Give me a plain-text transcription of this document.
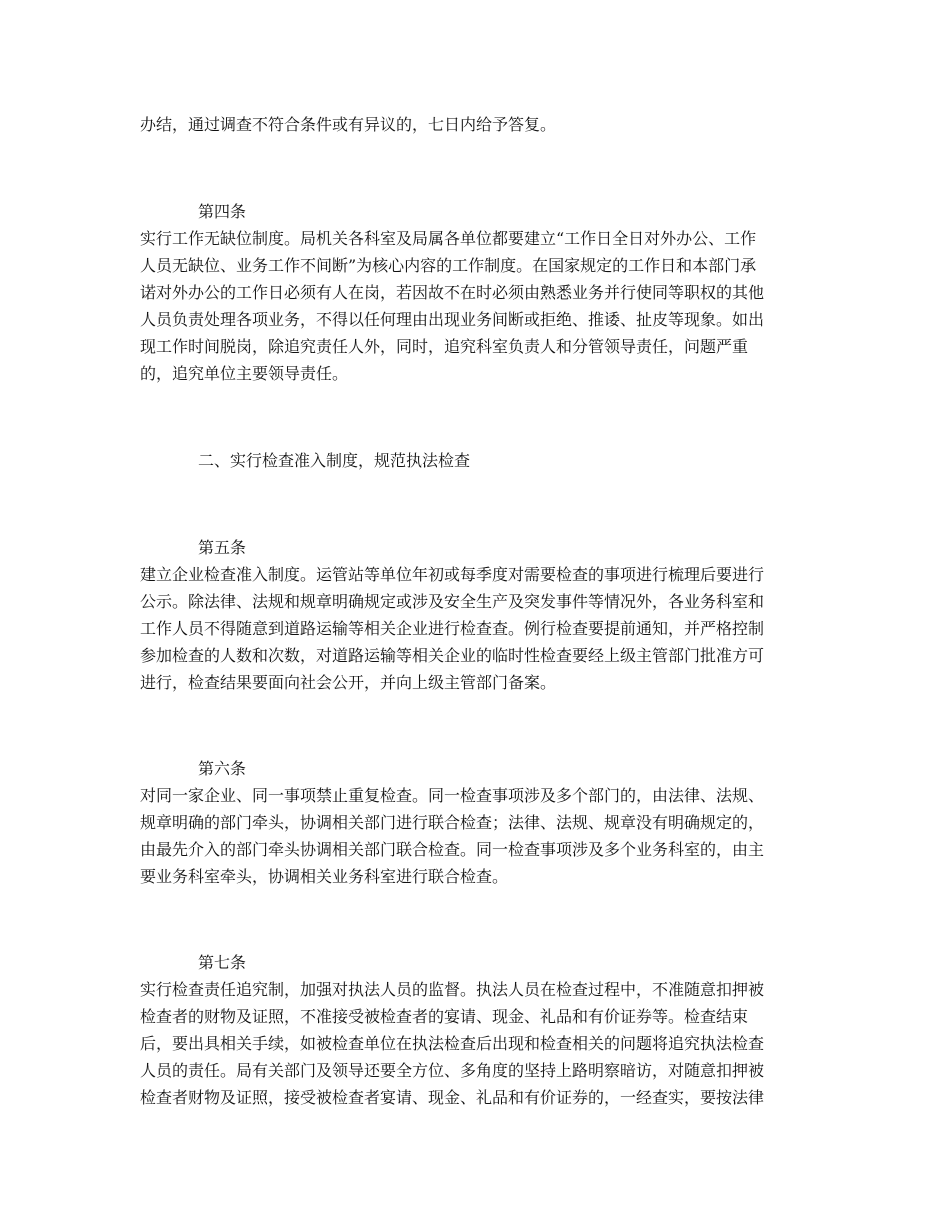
办结，通过调查不符合条件或有异议的，七日内给予答复。
第四条
实行工作无缺位制度。局机关各科室及局属各单位都要建立“工作日全日对外办公、工作
人员无缺位、业务工作不间断”为核心内容的工作制度。在国家规定的工作日和本部门承
诺对外办公的工作日必须有人在岗，若因故不在时必须由熟悉业务并行使同等职权的其他
人员负责处理各项业务，不得以任何理由出现业务间断或拒绝、推诿、扯皮等现象。如出
现工作时间脱岗，除追究责任人外，同时，追究科室负责人和分管领导责任，问题严重
的，追究单位主要领导责任。
二、实行检查准入制度，规范执法检查
第五条
建立企业检查准入制度。运管站等单位年初或每季度对需要检查的事项进行梳理后要进行
公示。除法律、法规和规章明确规定或涉及安全生产及突发事件等情况外，各业务科室和
工作人员不得随意到道路运输等相关企业进行检查查。例行检查要提前通知，并严格控制
参加检查的人数和次数，对道路运输等相关企业的临时性检查要经上级主管部门批准方可
进行，检查结果要面向社会公开，并向上级主管部门备案。
第六条
对同一家企业、同一事项禁止重复检查。同一检查事项涉及多个部门的，由法律、法规、
规章明确的部门牵头，协调相关部门进行联合检查；法律、法规、规章没有明确规定的，
由最先介入的部门牵头协调相关部门联合检查。同一检查事项涉及多个业务科室的，由主
要业务科室牵头，协调相关业务科室进行联合检查。
第七条
实行检查责任追究制，加强对执法人员的监督。执法人员在检查过程中，不准随意扣押被
检查者的财物及证照，不准接受被检查者的宴请、现金、礼品和有价证券等。检查结束
后，要出具相关手续，如被检查单位在执法检查后出现和检查相关的问题将追究执法检查
人员的责任。局有关部门及领导还要全方位、多角度的坚持上路明察暗访，对随意扣押被
检查者财物及证照，接受被检查者宴请、现金、礼品和有价证券的，一经查实，要按法律
